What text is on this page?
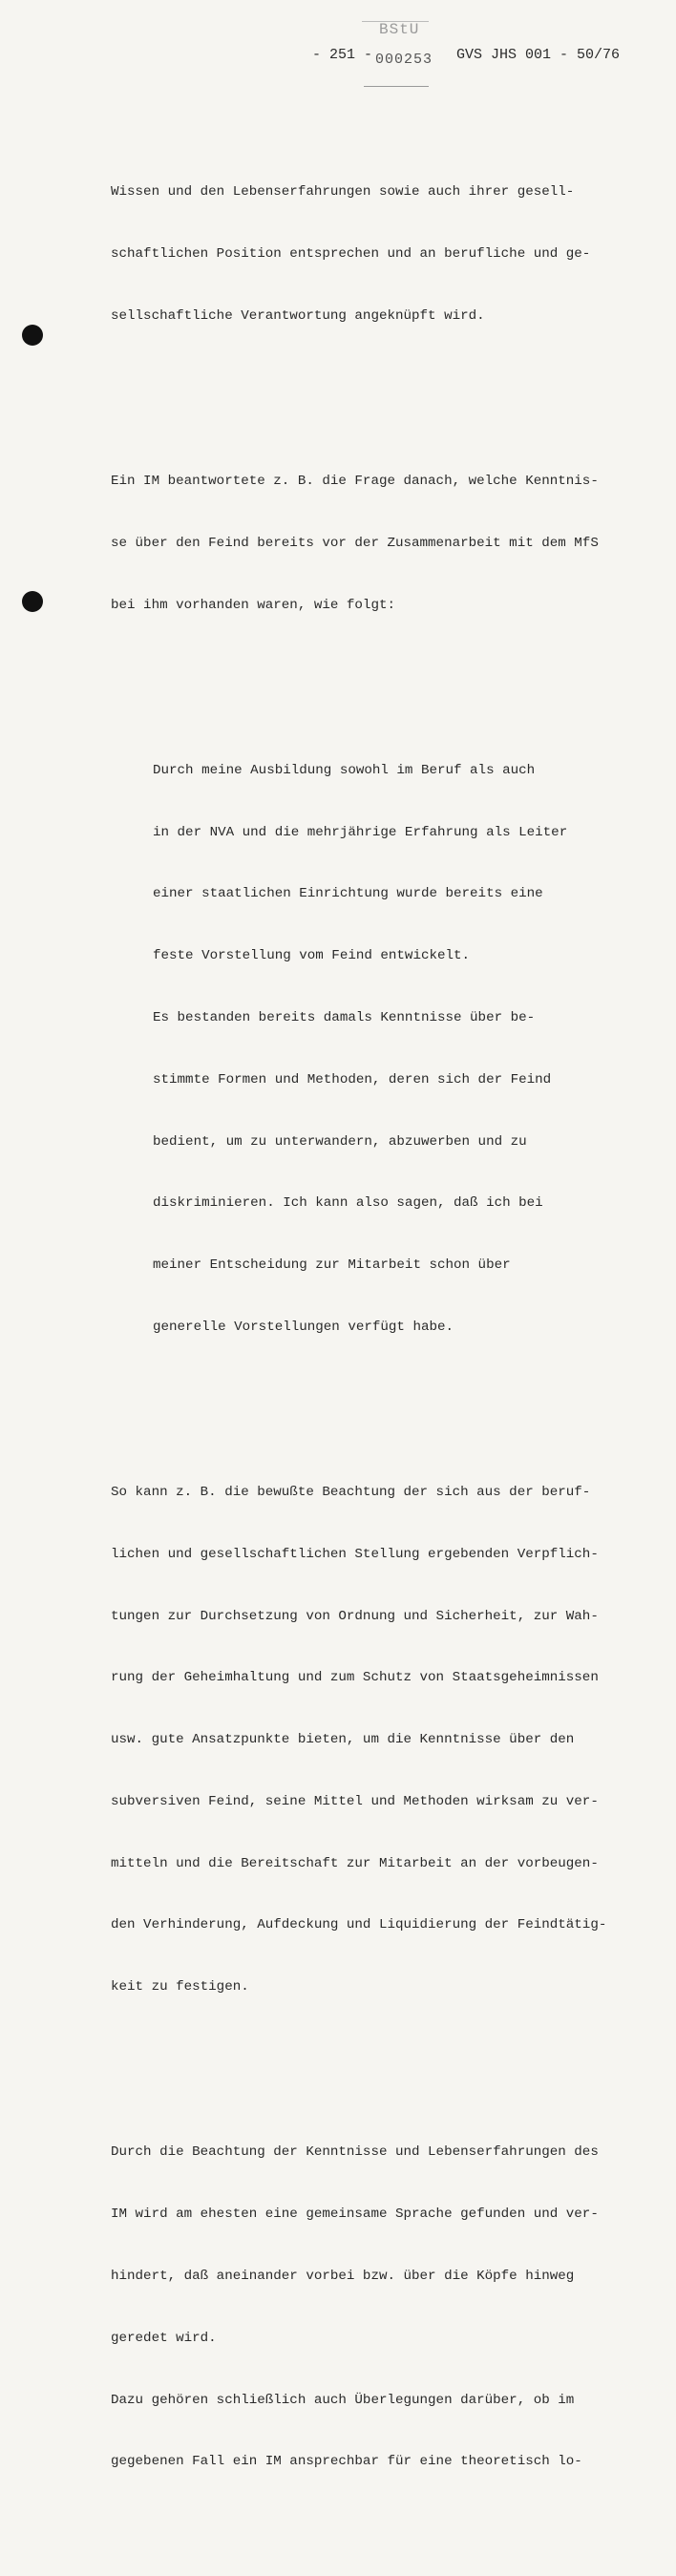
BStU
- 251 - 000253 GVS JHS 001 - 50/76

Wissen und den Lebenserfahrungen sowie auch ihrer gesell-

schaftlichen Position entsprechen und an berufliche und ge-

sellschaftliche Verantwortung angeknüpft wird.

Ein IM beantwortete z. B. die Frage danach, welche Kenntnis-

se über den Feind bereits vor der Zusammenarbeit mit dem MfS

bei ihm vorhanden waren, wie folgt:

Durch meine Ausbildung sowohl im Beruf als auch

in der NVA und die mehrjährige Erfahrung als Leiter

einer staatlichen Einrichtung wurde bereits eine

feste Vorstellung vom Feind entwickelt.

Es bestanden bereits damals Kenntnisse über be-

stimmte Formen und Methoden, deren sich der Feind

bedient, um zu unterwandern, abzuwerben und zu

diskriminieren. Ich kann also sagen, daß ich bei

meiner Entscheidung zur Mitarbeit schon über

generelle Vorstellungen verfügt habe.

So kann z. B. die bewußte Beachtung der sich aus der beruf-

lichen und gesellschaftlichen Stellung ergebenden Verpflich-

tungen zur Durchsetzung von Ordnung und Sicherheit, zur Wah-

rung der Geheimhaltung und zum Schutz von Staatsgeheimnissen

usw. gute Ansatzpunkte bieten, um die Kenntnisse über den

subversiven Feind, seine Mittel und Methoden wirksam zu ver-

mitteln und die Bereitschaft zur Mitarbeit an der vorbeugen-

den Verhinderung, Aufdeckung und Liquidierung der Feindtätig-

keit zu festigen.

Durch die Beachtung der Kenntnisse und Lebenserfahrungen des

IM wird am ehesten eine gemeinsame Sprache gefunden und ver-

hindert, daß aneinander vorbei bzw. über die Köpfe hinweg

geredet wird.

Dazu gehören schließlich auch Überlegungen darüber, ob im

gegebenen Fall ein IM ansprechbar für eine theoretisch lo-
